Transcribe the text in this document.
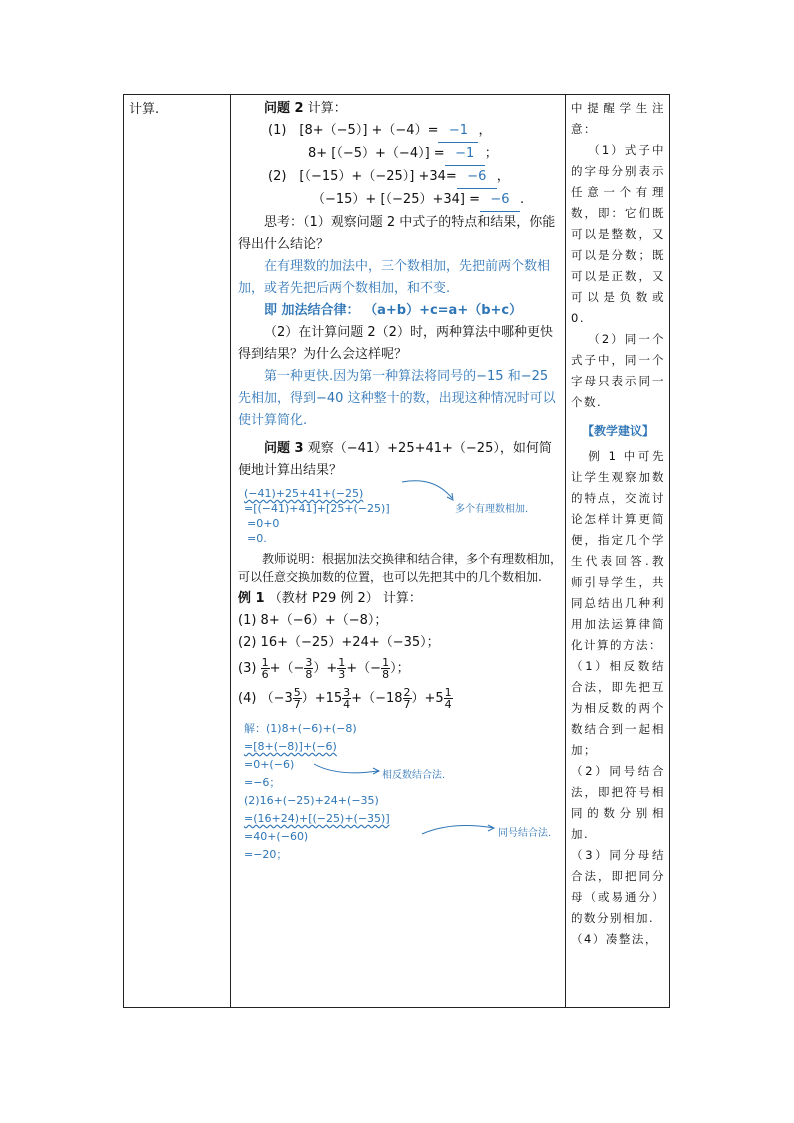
计算.	问题 2 计算：

(1)　[8+（−5）] +（−4）= −1 ，

8+ [（−5）+（−4）] = −1 ；

(2)　[（−15）+（−25）] +34= −6 ，

（−15）+ [（−25）+34] = −6 .

思考：（1）观察问题 2 中式子的特点和结果，你能得出什么结论？

在有理数的加法中，三个数相加，先把前两个数相加，或者先把后两个数相加，和不变.

即 加法结合律： （a+b）+c=a+（b+c）

（2）在计算问题 2（2）时，两种算法中哪种更快得到结果？为什么会这样呢？

第一种更快.因为第一种算法将同号的−15 和−25 先相加，得到−40 这种整十的数，出现这种情况时可以使计算简化.

问题 3 观察（−41）+25+41+（−25），如何简便地计算出结果？

(−41)+25+41+(−25)
=[(−41)+41]+[25+(−25)]
=0+0
=0.

教师说明：根据加法交换律和结合律，多个有理数相加，可以任意交换加数的位置，也可以先把其中的几个数相加.

例 1 （教材 P29 例 2） 计算：

(1) 8+（−6）+（−8）；

(2) 16+（−25）+24+（−35）；

$(3) \frac{1}{6}$ +（− $\frac{3}{8}$ ）+ $\frac{1}{3}$ +（− $\frac{1}{8}$ ）；

(4) $(-3 \frac{5}{7} )+15 \frac{3}{4} +(-18 \frac{2}{7} )+5 \frac{1}{4}$

解：(1)8+(−6)+(−8)
=[8+(−8)]+(−6)
=0+(−6)
=−6；
(2)16+(−25)+24+(−35)
=(16+24)+[(−25)+(−35)]
=40+(−60)
=−20；
多个有理数相加.
相反数结合法.
同号结合法.

中提醒学生注意：

（1）式子中的字母分别表示任意一个有理数，即：它们既可以是整数，又可以是分数；既可以是正数，又可以是负数或 0.

（2）同一个式子中，同一个字母只表示同一个数.

【教学建议】

例 1 中可先让学生观察加数的特点，交流讨论怎样计算更简便，指定几个学生代表回答.教师引导学生，共同总结出几种利用加法运算律简化计算的方法：

（1）相反数结合法，即先把互为相反数的两个数结合到一起相加；

（2）同号结合法，即把符号相同的数分别相加.

（3）同分母结合法，即把同分母（或易通分）的数分别相加.

（4）凑整法，
